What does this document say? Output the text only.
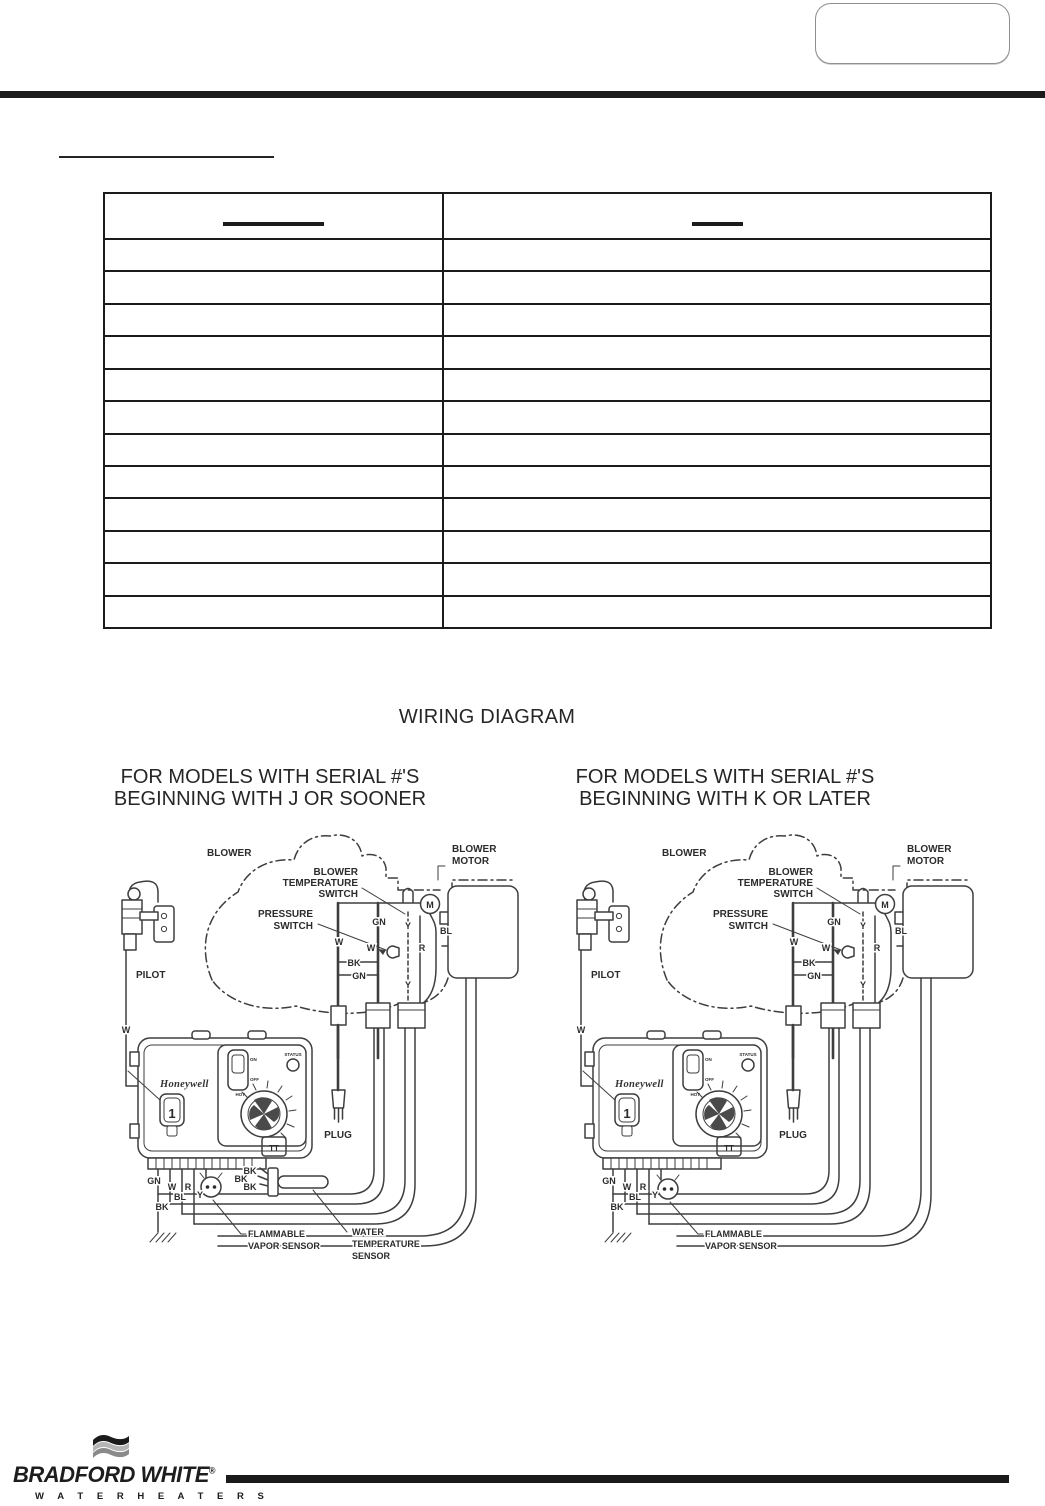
WIRING DIAGRAM
FOR MODELS WITH SERIAL #'S
BEGINNING WITH J OR SOONER
FOR MODELS WITH SERIAL #'S
BEGINNING WITH K OR LATER
BLOWER
M
BLOWER
MOTOR
BLOWER
TEMPERATURE
SWITCH
PRESSURE
SWITCH
W
W
GN
BK
GN
Y
Y
R
BL
PLUG
PILOT
W
Honeywell
ON
OFF
STATUS
HOT
1
TT
GN
W R
BL Y
BK
BK
BK
BK
WATER
TEMPERATURE
SENSOR
FLAMMABLE
VAPOR SENSOR
BLOWER
M
BLOWER
MOTOR
BLOWER
TEMPERATURE
SWITCH
PRESSURE
SWITCH
W
W
GN
BK
GN
Y
Y
R
BL
PLUG
PILOT
W
Honeywell
ON
OFF
STATUS
HOT
1
TT
GN
W R
BL Y
BK
FLAMMABLE
VAPOR SENSOR
BRADFORD WHITE®
W A T E R H E A T E R S
